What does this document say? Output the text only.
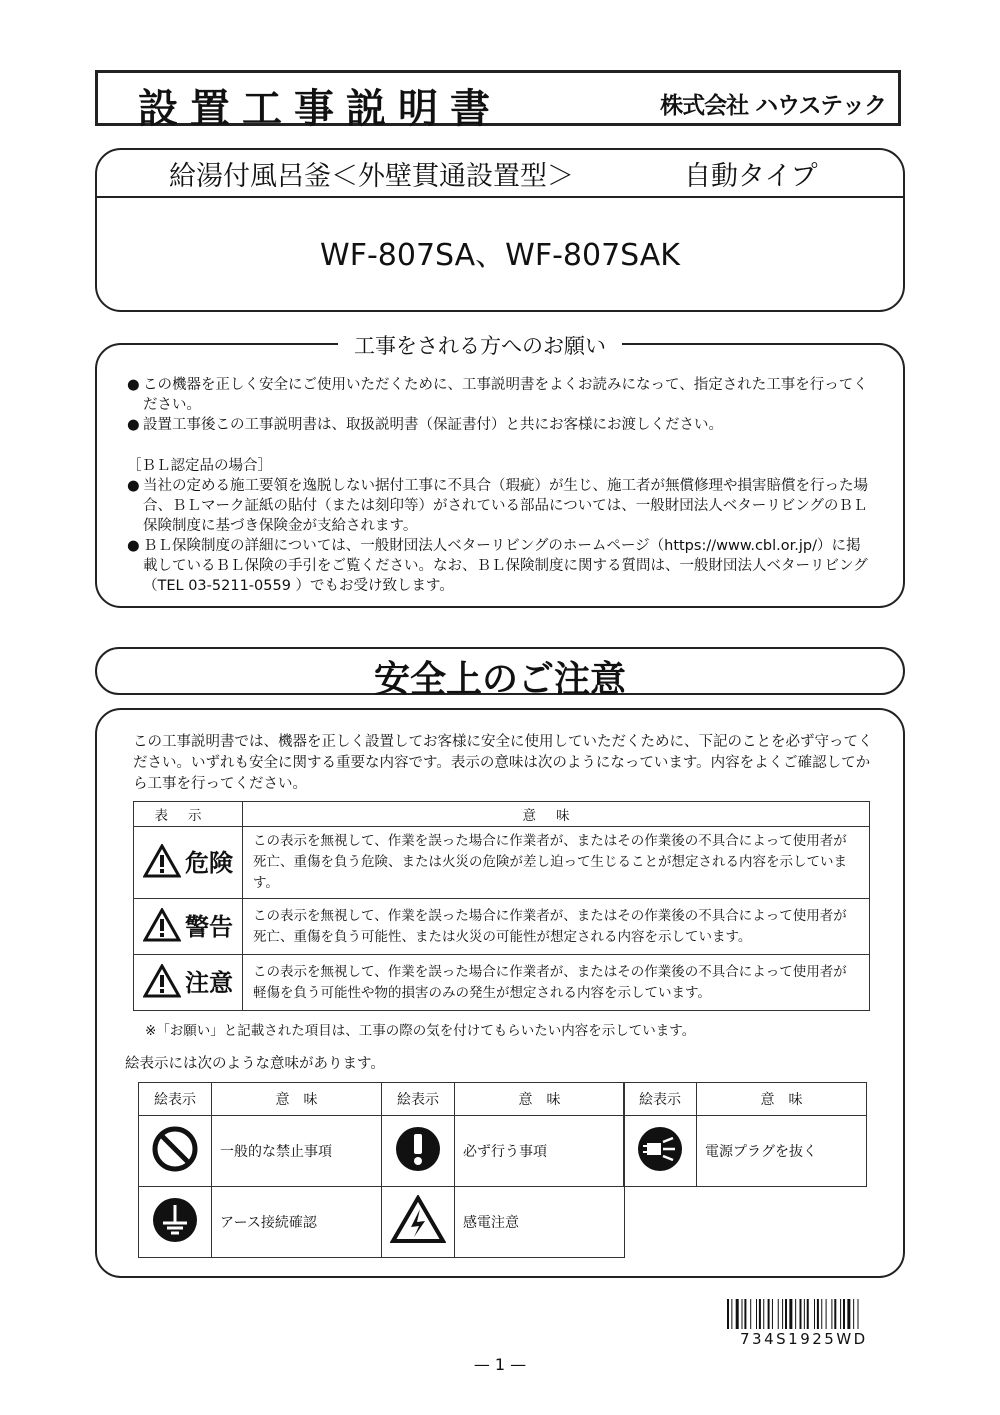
設置工事説明書	株式会社 ハウステック
給湯付風呂釜＜外壁貫通設置型＞	自動タイプ
WF-807SA、WF-807SAK
● この機器を正しく安全にご使用いただくために、工事説明書をよくお読みになって、指定された工事を行ってください。
● 設置工事後この工事説明書は、取扱説明書（保証書付）と共にお客様にお渡しください。
［ＢＬ認定品の場合］
● 当社の定める施工要領を逸脱しない据付工事に不具合（瑕疵）が生じ、施工者が無償修理や損害賠償を行った場合、ＢＬマーク証紙の貼付（または刻印等）がされている部品については、一般財団法人ベターリビングのＢＬ保険制度に基づき保険金が支給されます。
● ＢＬ保険制度の詳細については、一般財団法人ベターリビングのホームページ（https://www.cbl.or.jp/）に掲載しているＢＬ保険の手引をご覧ください。なお、ＢＬ保険制度に関する質問は、一般財団法人ベターリビング（TEL 03-5211-0559 ）でもお受け致します。
工事をされる方へのお願い
安全上のご注意
この工事説明書では、機器を正しく設置してお客様に安全に使用していただくために、下記のことを必ず守ってください。いずれも安全に関する重要な内容です。表示の意味は次のようになっています。内容をよくご確認してから工事を行ってください。
表示	意味

危険	この表示を無視して、作業を誤った場合に作業者が、またはその作業後の不具合によって使用者が死亡、重傷を負う危険、または火災の危険が差し迫って生じることが想定される内容を示しています。

警告	この表示を無視して、作業を誤った場合に作業者が、またはその作業後の不具合によって使用者が死亡、重傷を負う可能性、または火災の可能性が想定される内容を示しています。

注意	この表示を無視して、作業を誤った場合に作業者が、またはその作業後の不具合によって使用者が軽傷を負う可能性や物的損害のみの発生が想定される内容を示しています。
※「お願い」と記載された項目は、工事の際の気を付けてもらいたい内容を示しています。
絵表示には次のような意味があります。
絵表示	意　味
	一般的な禁止事項
	アース接続確認
絵表示	意　味
	必ず行う事項
	感電注意
絵表示	意　味
	電源プラグを抜く
734S1925WD
— 1 —
